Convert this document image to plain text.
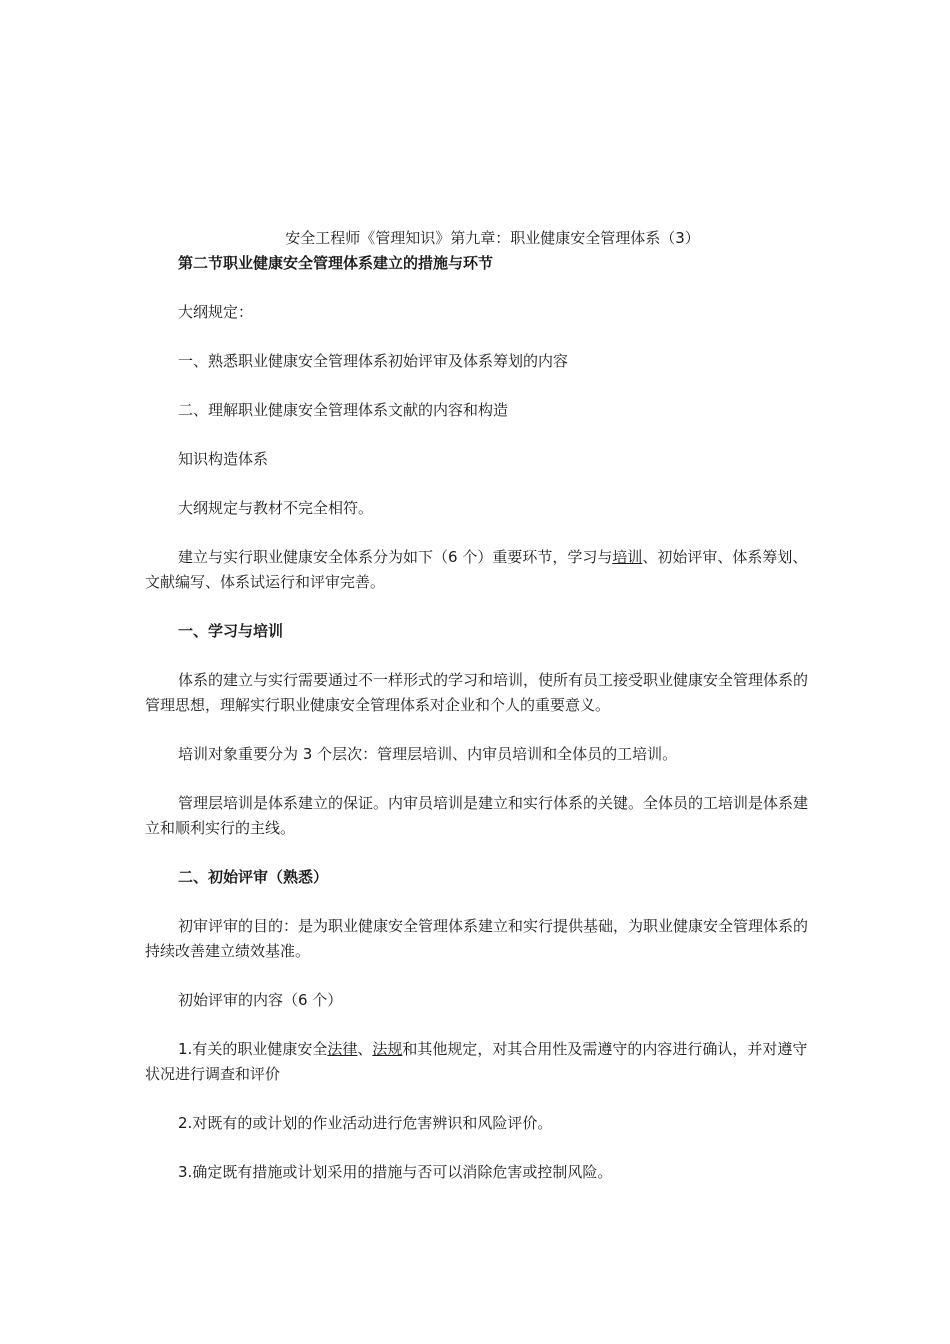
安全工程师《管理知识》第九章：职业健康安全管理体系（3）

第二节职业健康安全管理体系建立的措施与环节

大纲规定：

一、熟悉职业健康安全管理体系初始评审及体系筹划的内容

二、理解职业健康安全管理体系文献的内容和构造

知识构造体系

大纲规定与教材不完全相符。

建立与实行职业健康安全体系分为如下（6 个）重要环节，学习与培训、初始评审、体系筹划、文献编写、体系试运行和评审完善。

一、学习与培训

体系的建立与实行需要通过不一样形式的学习和培训，使所有员工接受职业健康安全管理体系的管理思想，理解实行职业健康安全管理体系对企业和个人的重要意义。

培训对象重要分为 3 个层次：管理层培训、内审员培训和全体员的工培训。

管理层培训是体系建立的保证。内审员培训是建立和实行体系的关键。全体员的工培训是体系建立和顺利实行的主线。

二、初始评审（熟悉）

初审评审的目的：是为职业健康安全管理体系建立和实行提供基础，为职业健康安全管理体系的持续改善建立绩效基准。

初始评审的内容（6 个）

1.有关的职业健康安全法律、法规和其他规定，对其合用性及需遵守的内容进行确认，并对遵守状况进行调查和评价

2.对既有的或计划的作业活动进行危害辨识和风险评价。

3.确定既有措施或计划采用的措施与否可以消除危害或控制风险。
